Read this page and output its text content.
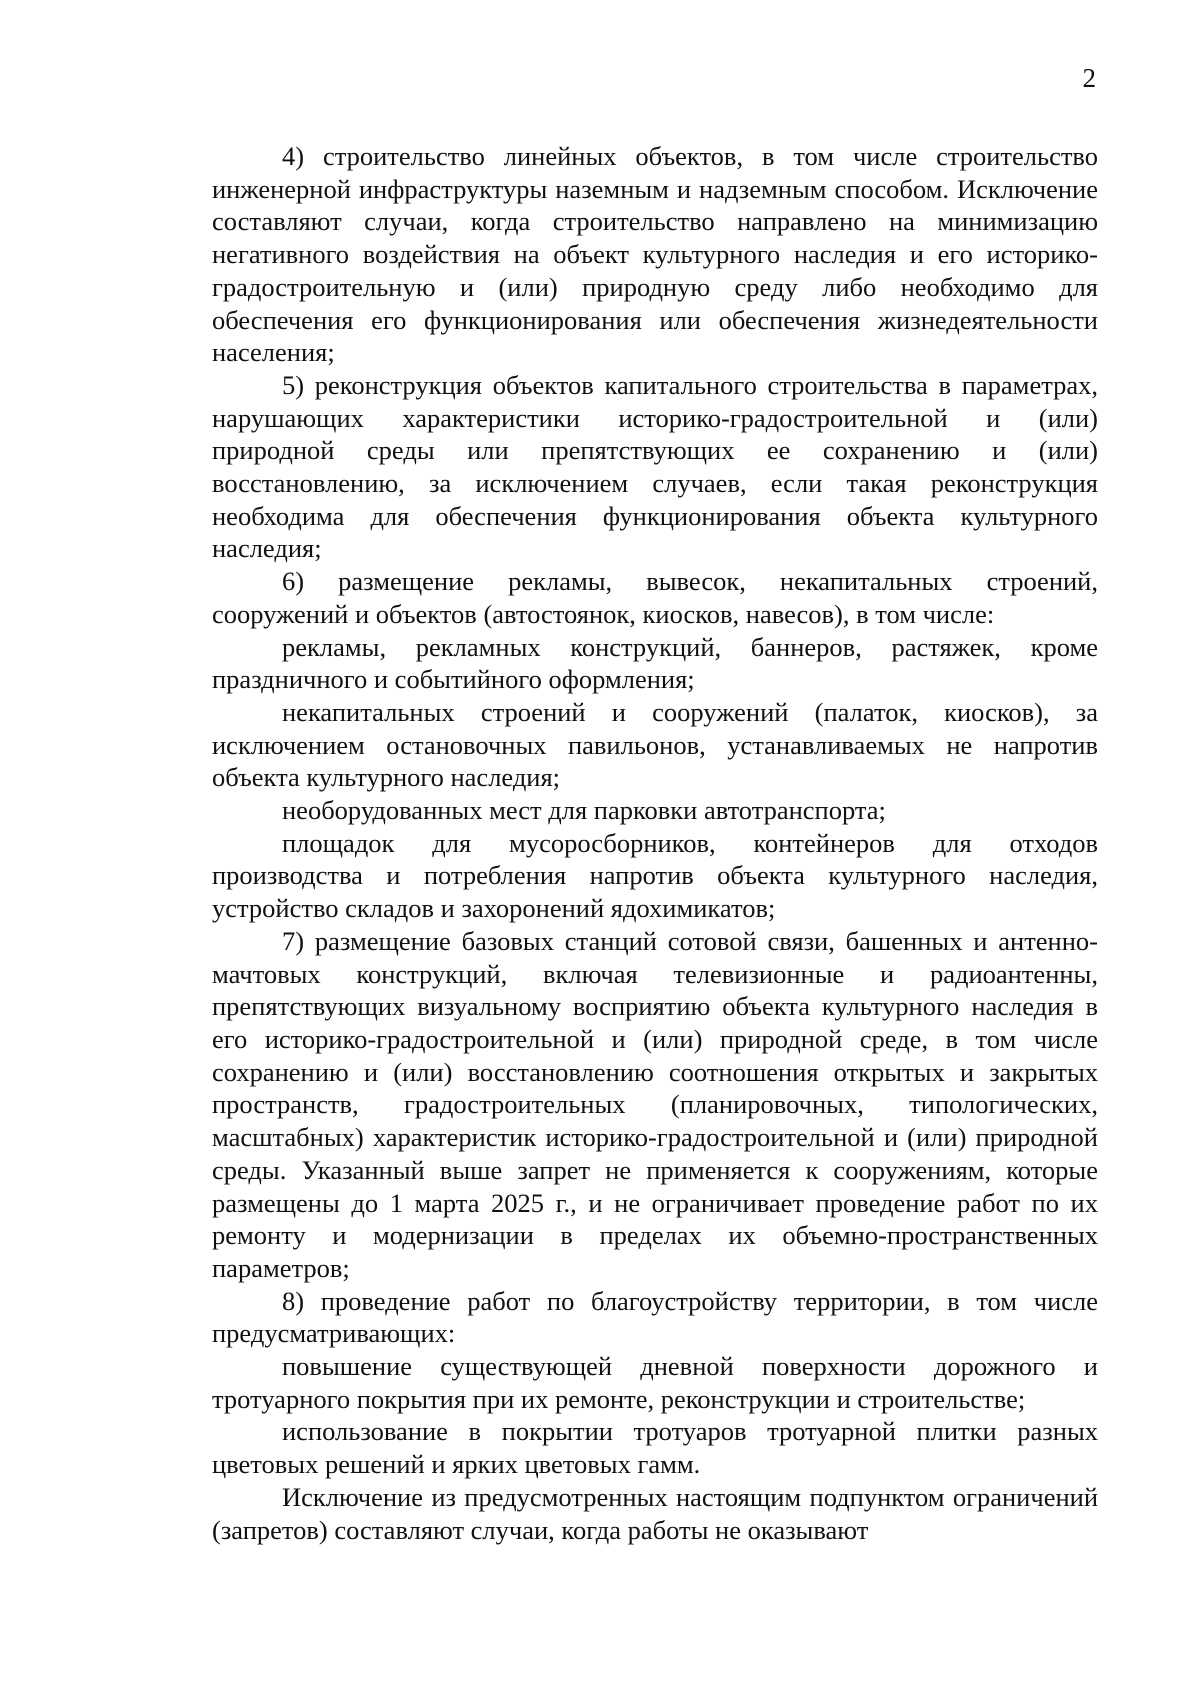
2

4) строительство линейных объектов, в том числе строительство инженерной инфраструктуры наземным и надземным способом. Исключение составляют случаи, когда строительство направлено на минимизацию негативного воздействия на объект культурного наследия и его историко-градостроительную и (или) природную среду либо необходимо для обеспечения его функционирования или обеспечения жизнедеятельности населения;

5) реконструкция объектов капитального строительства в параметрах, нарушающих характеристики историко-градостроительной и (или) природной среды или препятствующих ее сохранению и (или) восстановлению, за исключением случаев, если такая реконструкция необходима для обеспечения функционирования объекта культурного наследия;

6) размещение рекламы, вывесок, некапитальных строений, сооружений и объектов (автостоянок, киосков, навесов), в том числе:

рекламы, рекламных конструкций, баннеров, растяжек, кроме праздничного и событийного оформления;

некапитальных строений и сооружений (палаток, киосков), за исключением остановочных павильонов, устанавливаемых не напротив объекта культурного наследия;

необорудованных мест для парковки автотранспорта;

площадок для мусоросборников, контейнеров для отходов производства и потребления напротив объекта культурного наследия, устройство складов и захоронений ядохимикатов;

7) размещение базовых станций сотовой связи, башенных и антенно-мачтовых конструкций, включая телевизионные и радиоантенны, препятствующих визуальному восприятию объекта культурного наследия в его историко-градостроительной и (или) природной среде, в том числе сохранению и (или) восстановлению соотношения открытых и закрытых пространств, градостроительных (планировочных, типологических, масштабных) характеристик историко-градостроительной и (или) природной среды. Указанный выше запрет не применяется к сооружениям, которые размещены до 1 марта 2025 г., и не ограничивает проведение работ по их ремонту и модернизации в пределах их объемно-пространственных параметров;

8) проведение работ по благоустройству территории, в том числе предусматривающих:

повышение существующей дневной поверхности дорожного и тротуарного покрытия при их ремонте, реконструкции и строительстве;

использование в покрытии тротуаров тротуарной плитки разных цветовых решений и ярких цветовых гамм.

Исключение из предусмотренных настоящим подпунктом ограничений (запретов) составляют случаи, когда работы не оказывают
